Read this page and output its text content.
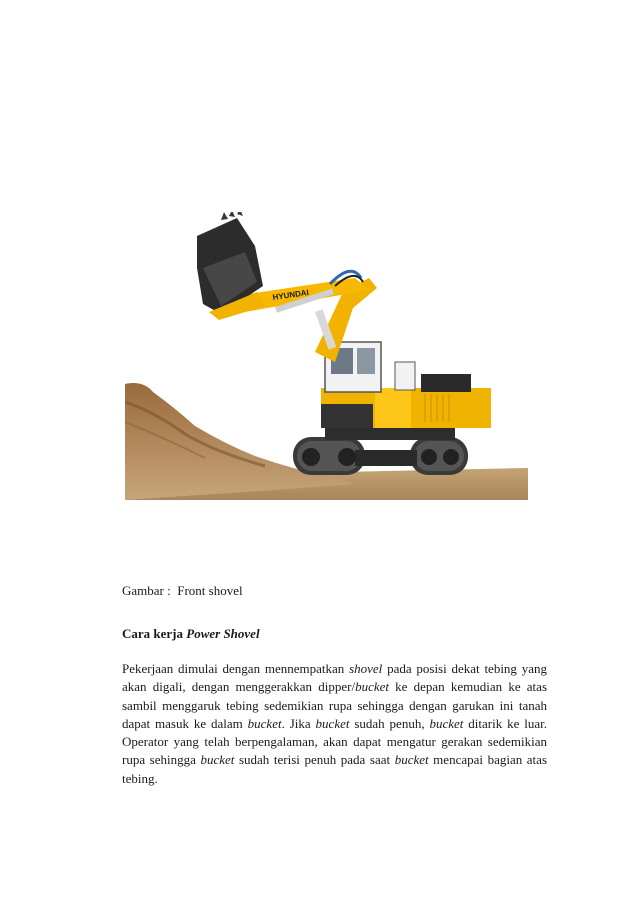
HYUNDAI
Gambar :  Front shovel
Cara kerja Power Shovel
Pekerjaan dimulai dengan mennempatkan shovel pada posisi dekat tebing yang
akan digali, dengan menggerakkan dipper/bucket ke depan kemudian ke atas
sambil menggaruk tebing sedemikian rupa sehingga dengan garukan ini tanah
dapat masuk ke dalam bucket. Jika bucket sudah penuh, bucket ditarik ke luar.
Operator yang telah berpengalaman, akan dapat mengatur gerakan sedemikian
rupa sehingga bucket sudah terisi penuh pada saat bucket mencapai bagian atas
tebing.
